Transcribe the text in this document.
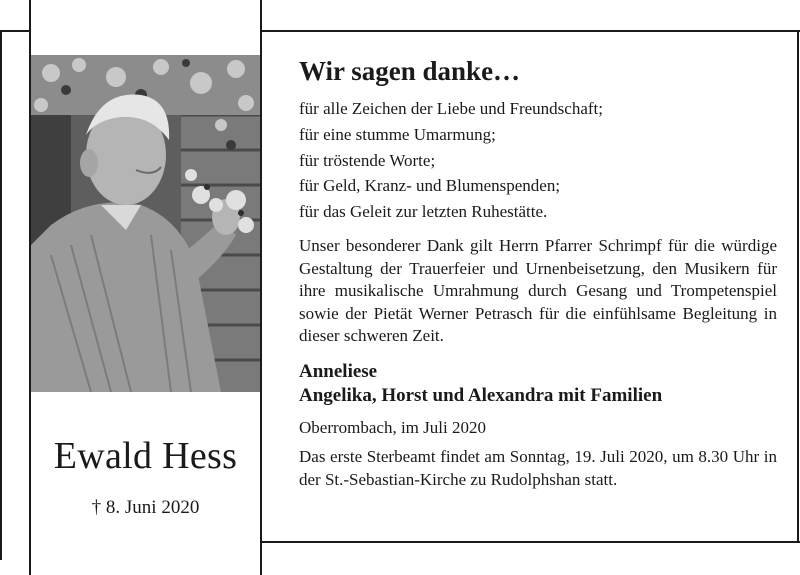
Ewald Hess
† 8. Juni 2020
Wir sagen danke…
für alle Zeichen der Liebe und Freundschaft;
für eine stumme Umarmung;
für tröstende Worte;
für Geld, Kranz- und Blumenspenden;
für das Geleit zur letzten Ruhestätte.

Unser besonderer Dank gilt Herrn Pfarrer Schrimpf für die würdige Gestaltung der Trauerfeier und Urnenbeisetzung, den Musikern für ihre musikalische Umrahmung durch Gesang und Trompetenspiel sowie der Pietät Werner Petrasch für die einfühlsame Begleitung in dieser schweren Zeit.

Anneliese
Angelika, Horst und Alexandra mit Familien
Oberrombach, im Juli 2020
Das erste Sterbeamt findet am Sonntag, 19. Juli 2020, um 8.30 Uhr in der St.-Sebastian-Kirche zu Rudolphshan statt.
